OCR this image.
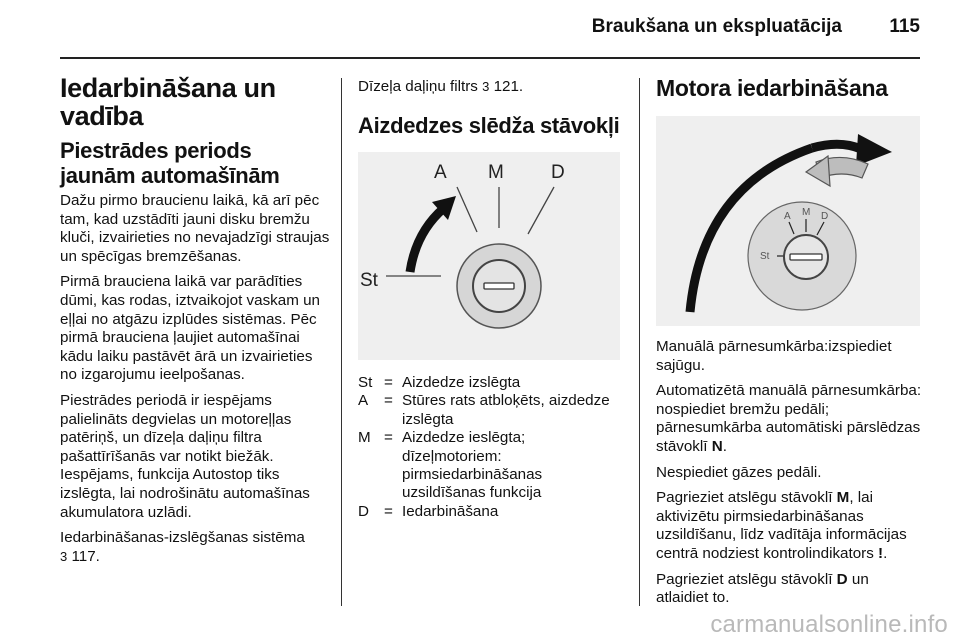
Braukšana un ekspluatācija 115
Iedarbināšana un vadība
Piestrādes periods jaunām automašīnām

Dažu pirmo braucienu laikā, kā arī pēc tam, kad uzstādīti jauni disku bremžu kluči, izvairieties no nevajadzīgi straujas un spēcīgas bremzēšanas.

Pirmā brauciena laikā var parādīties dūmi, kas rodas, iztvaikojot vaskam un eļļai no atgāzu izplūdes sistēmas. Pēc pirmā brauciena ļaujiet automašīnai kādu laiku pastāvēt ārā un izvairieties no izgarojumu ieelpošanas.

Piestrādes periodā ir iespējams palielināts degvielas un motoreļļas patēriņš, un dīzeļa daļiņu filtra pašattīrīšanās var notikt biežāk. Iespējams, funkcija Autostop tiks izslēgta, lai nodrošinātu automašīnas akumulatora uzlādi.

Iedarbināšanas-izslēgšanas sistēma
3 117.

Dīzeļa daļiņu filtrs 3 121.

Aizdedzes slēdža stāvokļi
A M D
St
St = Aizdedze izslēgta
A	= Stūres rats atbloķēts, aizdedze izslēgta
M = Aizdedze ieslēgta; dīzeļmotoriem: pirmsiedarbināšanas uzsildīšanas funkcija
D = Iedarbināšana
Motora iedarbināšana
A M D
St

Manuālā pārnesumkārba:izspiediet sajūgu.

Automatizētā manuālā pārnesumkārba: nospiediet bremžu pedāli; pārnesumkārba automātiski pārslēdzas stāvoklī N.

Nespiediet gāzes pedāli.

Pagrieziet atslēgu stāvoklī M, lai aktivizētu pirmsiedarbināšanas uzsildīšanu, līdz vadītāja informācijas centrā nodziest kontrolindikators !.

Pagrieziet atslēgu stāvoklī D un atlaidiet to.

carmanualsonline.info
